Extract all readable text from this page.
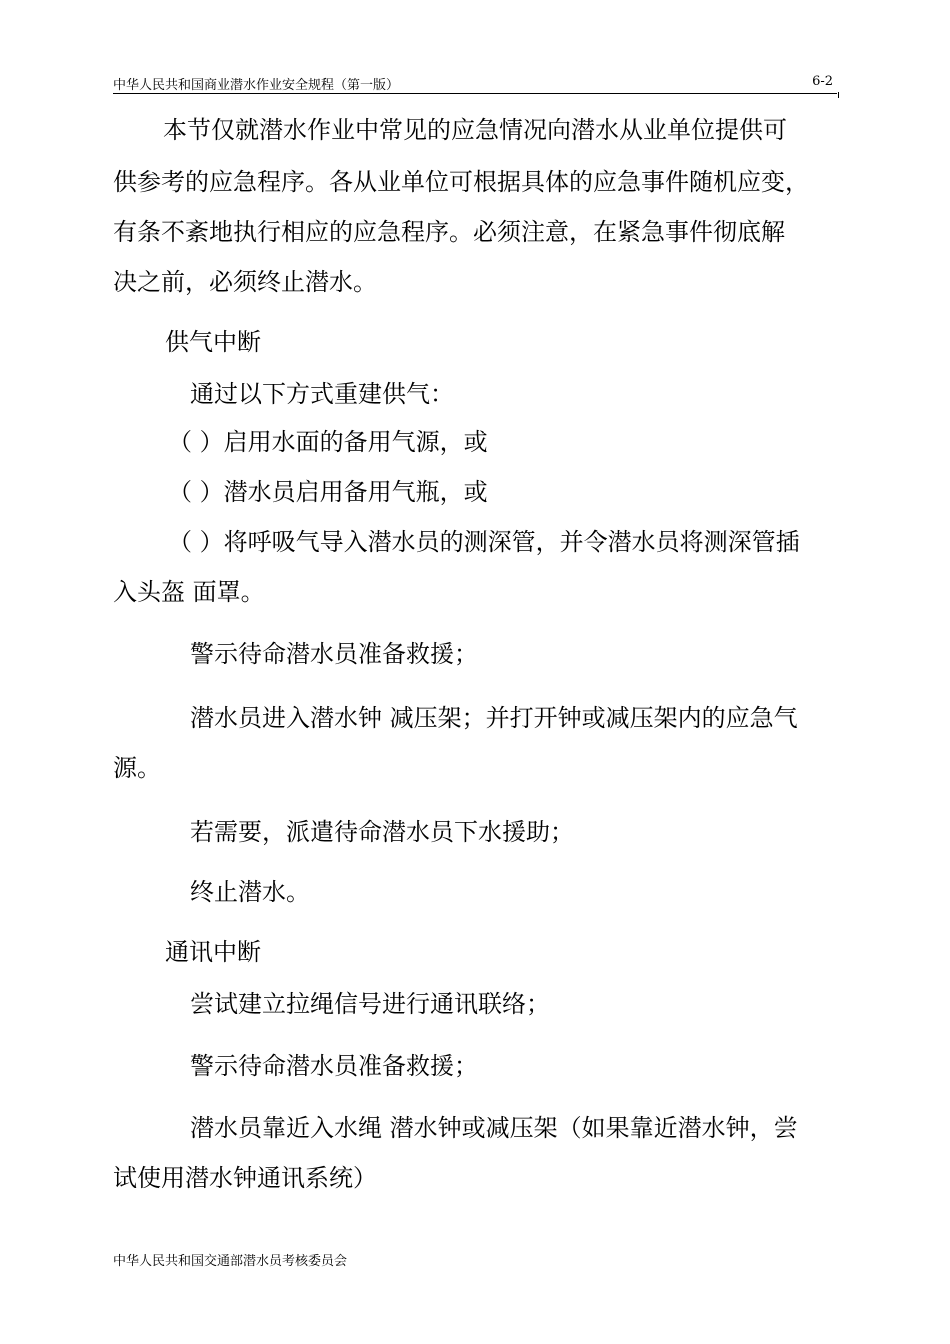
中华人民共和国商业潜水作业安全规程（第一版）	6-2
本节仅就潜水作业中常见的应急情况向潜水从业单位提供可
供参考的应急程序。各从业单位可根据具体的应急事件随机应变，
有条不紊地执行相应的应急程序。必须注意，在紧急事件彻底解
决之前，必须终止潜水。
供气中断
通过以下方式重建供气：
（ ）启用水面的备用气源，或
（ ）潜水员启用备用气瓶，或
（ ）将呼吸气导入潜水员的测深管，并令潜水员将测深管插
入头盔 面罩。
警示待命潜水员准备救援；
潜水员进入潜水钟 减压架；并打开钟或减压架内的应急气
源。
若需要，派遣待命潜水员下水援助；
终止潜水。
通讯中断
尝试建立拉绳信号进行通讯联络；
警示待命潜水员准备救援；
潜水员靠近入水绳 潜水钟或减压架（如果靠近潜水钟，尝
试使用潜水钟通讯系统）
中华人民共和国交通部潜水员考核委员会
